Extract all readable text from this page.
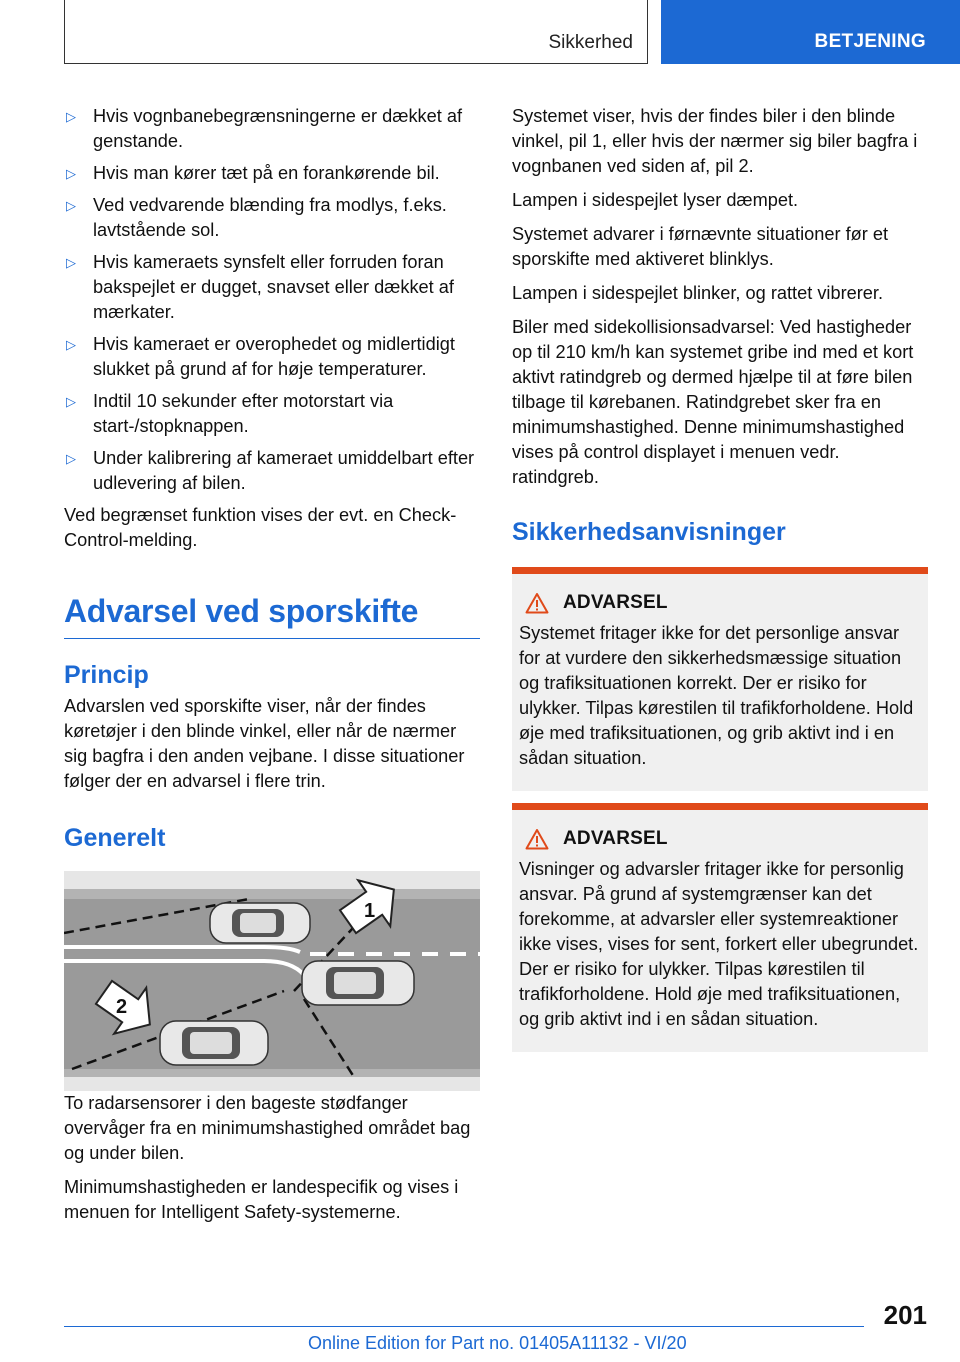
Sikkerhed	BETJENING
▷ Hvis vognbanebegrænsningerne er dækket af genstande.
▷ Hvis man kører tæt på en forankørende bil.
▷ Ved vedvarende blænding fra modlys, f.eks. lavtstående sol.
▷ Hvis kameraets synsfelt eller forruden foran bakspejlet er dugget, snavset eller dækket af mærkater.
▷ Hvis kameraet er overophedet og midlertidigt slukket på grund af for høje temperaturer.
▷ Indtil 10 sekunder efter motorstart via start-/stopknappen.
▷ Under kalibrering af kameraet umiddelbart efter udlevering af bilen.

Ved begrænset funktion vises der evt. en Check-Control-melding.

Advarsel ved sporskifte
Princip

Advarslen ved sporskifte viser, når der findes køretøjer i den blinde vinkel, eller når de nærmer sig bagfra i den anden vejbane. I disse situationer følger der en advarsel i flere trin.

Generelt
1
2

To radarsensorer i den bageste stødfanger overvåger fra en minimumshastighed området bag og under bilen.

Minimumshastigheden er landespecifik og vises i menuen for Intelligent Safety-systemerne.

Systemet viser, hvis der findes biler i den blinde vinkel, pil 1, eller hvis der nærmer sig biler bagfra i vognbanen ved siden af, pil 2.

Lampen i sidespejlet lyser dæmpet.

Systemet advarer i førnævnte situationer før et sporskifte med aktiveret blinklys.

Lampen i sidespejlet blinker, og rattet vibrerer.

Biler med sidekollisionsadvarsel: Ved hastigheder op til 210 km/h kan systemet gribe ind med et kort aktivt ratindgreb og dermed hjælpe til at føre bilen tilbage til kørebanen. Ratindgrebet sker fra en minimumshastighed. Denne minimumshastighed vises på control displayet i menuen vedr. ratindgreb.

Sikkerhedsanvisninger
ADVARSEL

Systemet fritager ikke for det personlige ansvar for at vurdere den sikkerhedsmæssige situation og trafiksituationen korrekt. Der er risiko for ulykker. Tilpas kørestilen til trafikforholdene. Hold øje med trafiksituationen, og grib aktivt ind i en sådan situation.

ADVARSEL

Visninger og advarsler fritager ikke for personlig ansvar. På grund af systemgrænser kan det forekomme, at advarsler eller systemreaktioner ikke vises, vises for sent, forkert eller ubegrundet. Der er risiko for ulykker. Tilpas kørestilen til trafikforholdene. Hold øje med trafiksituationen, og grib aktivt ind i en sådan situation.

201
Online Edition for Part no. 01405A11132 - VI/20
